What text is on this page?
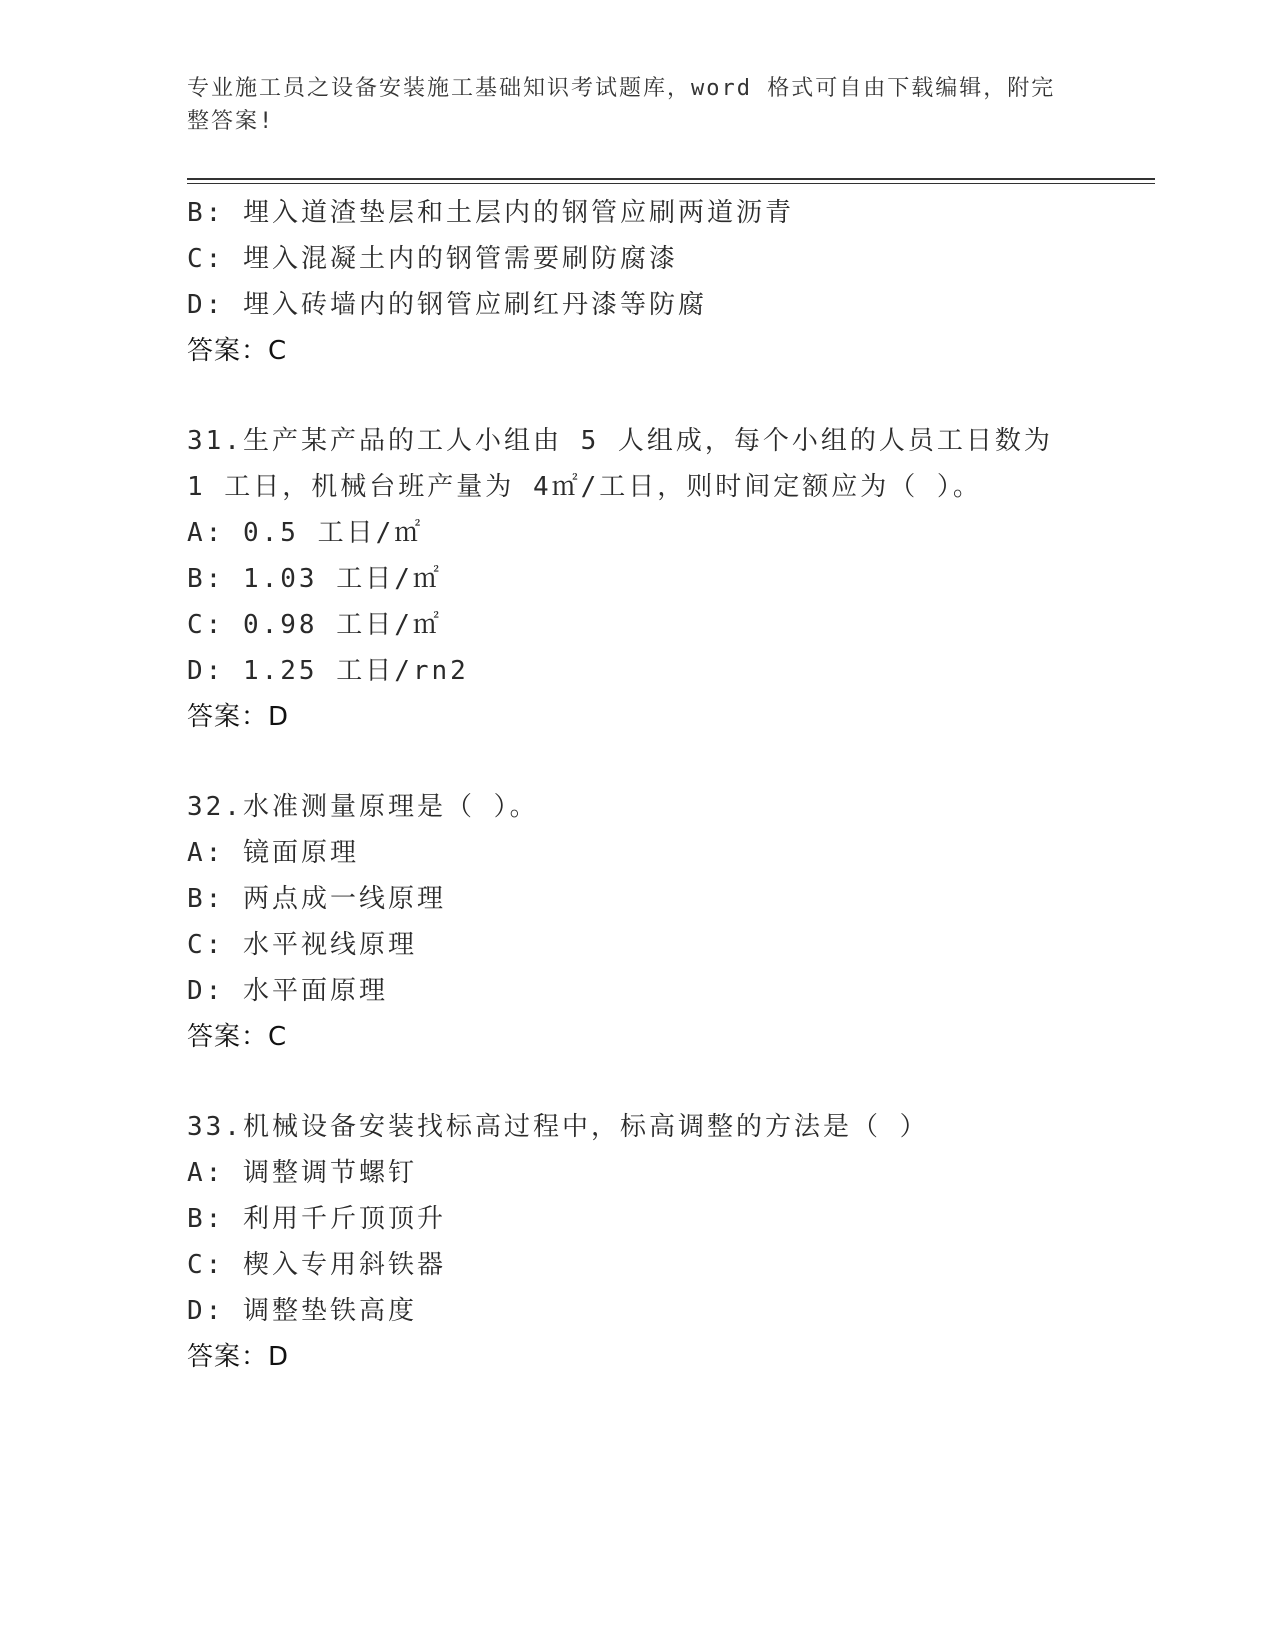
专业施工员之设备安装施工基础知识考试题库，word 格式可自由下载编辑，附完整答案!
B: 埋入道渣垫层和土层内的钢管应刷两道沥青
C: 埋入混凝土内的钢管需要刷防腐漆
D: 埋入砖墙内的钢管应刷红丹漆等防腐
答案：C
31.生产某产品的工人小组由 5 人组成，每个小组的人员工日数为 1 工日，机械台班产量为 4㎡/工日，则时间定额应为（ ）。
A: 0.5 工日/㎡
B: 1.03 工日/㎡
C: 0.98 工日/㎡
D: 1.25 工日/rn2
答案：D
32.水准测量原理是（ ）。
A: 镜面原理
B: 两点成一线原理
C: 水平视线原理
D: 水平面原理
答案：C
33.机械设备安装找标高过程中，标高调整的方法是（ ）
A: 调整调节螺钉
B: 利用千斤顶顶升
C: 楔入专用斜铁器
D: 调整垫铁高度
答案：D
